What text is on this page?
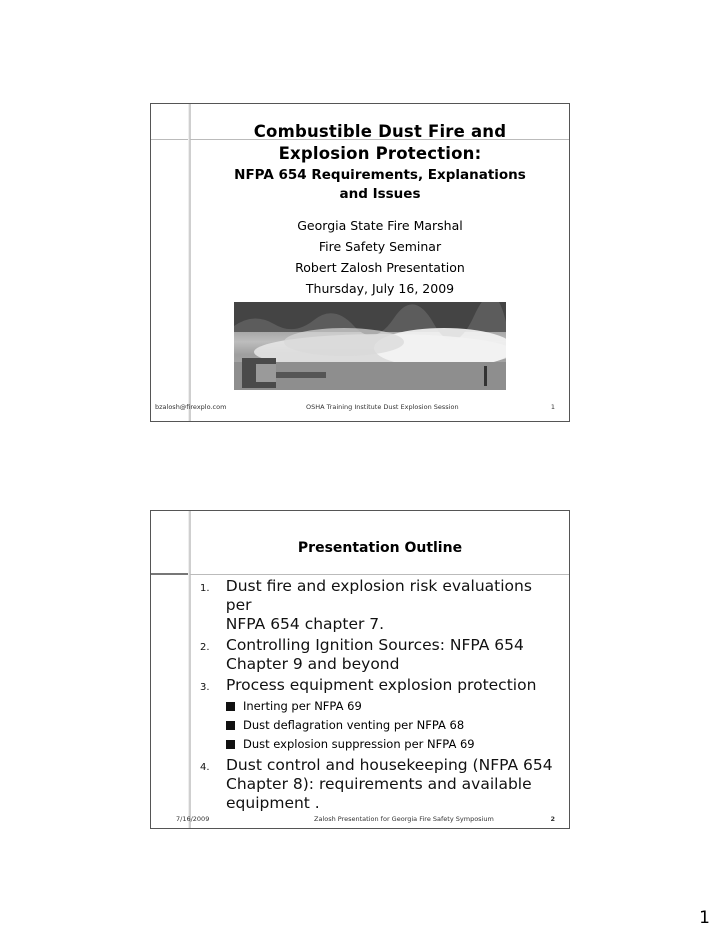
Combustible Dust Fire and
Explosion Protection:
NFPA 654 Requirements, Explanations
and Issues
Georgia State Fire Marshal
Fire Safety Seminar
Robert Zalosh Presentation
Thursday, July 16, 2009
bzalosh@firexplo.com	OSHA Training Institute Dust Explosion Session	1
Presentation Outline
1.	Dust fire and explosion risk evaluations per
NFPA 654 chapter 7.
2.	Controlling Ignition Sources: NFPA 654
Chapter 9 and beyond
3.	Process equipment explosion protection
Inerting per NFPA 69
Dust deflagration venting per NFPA 68
Dust explosion suppression per NFPA 69
4.	Dust control and housekeeping (NFPA 654
Chapter 8): requirements and available
equipment .
7/16/2009	Zalosh Presentation for Georgia Fire Safety Symposium	2
1
